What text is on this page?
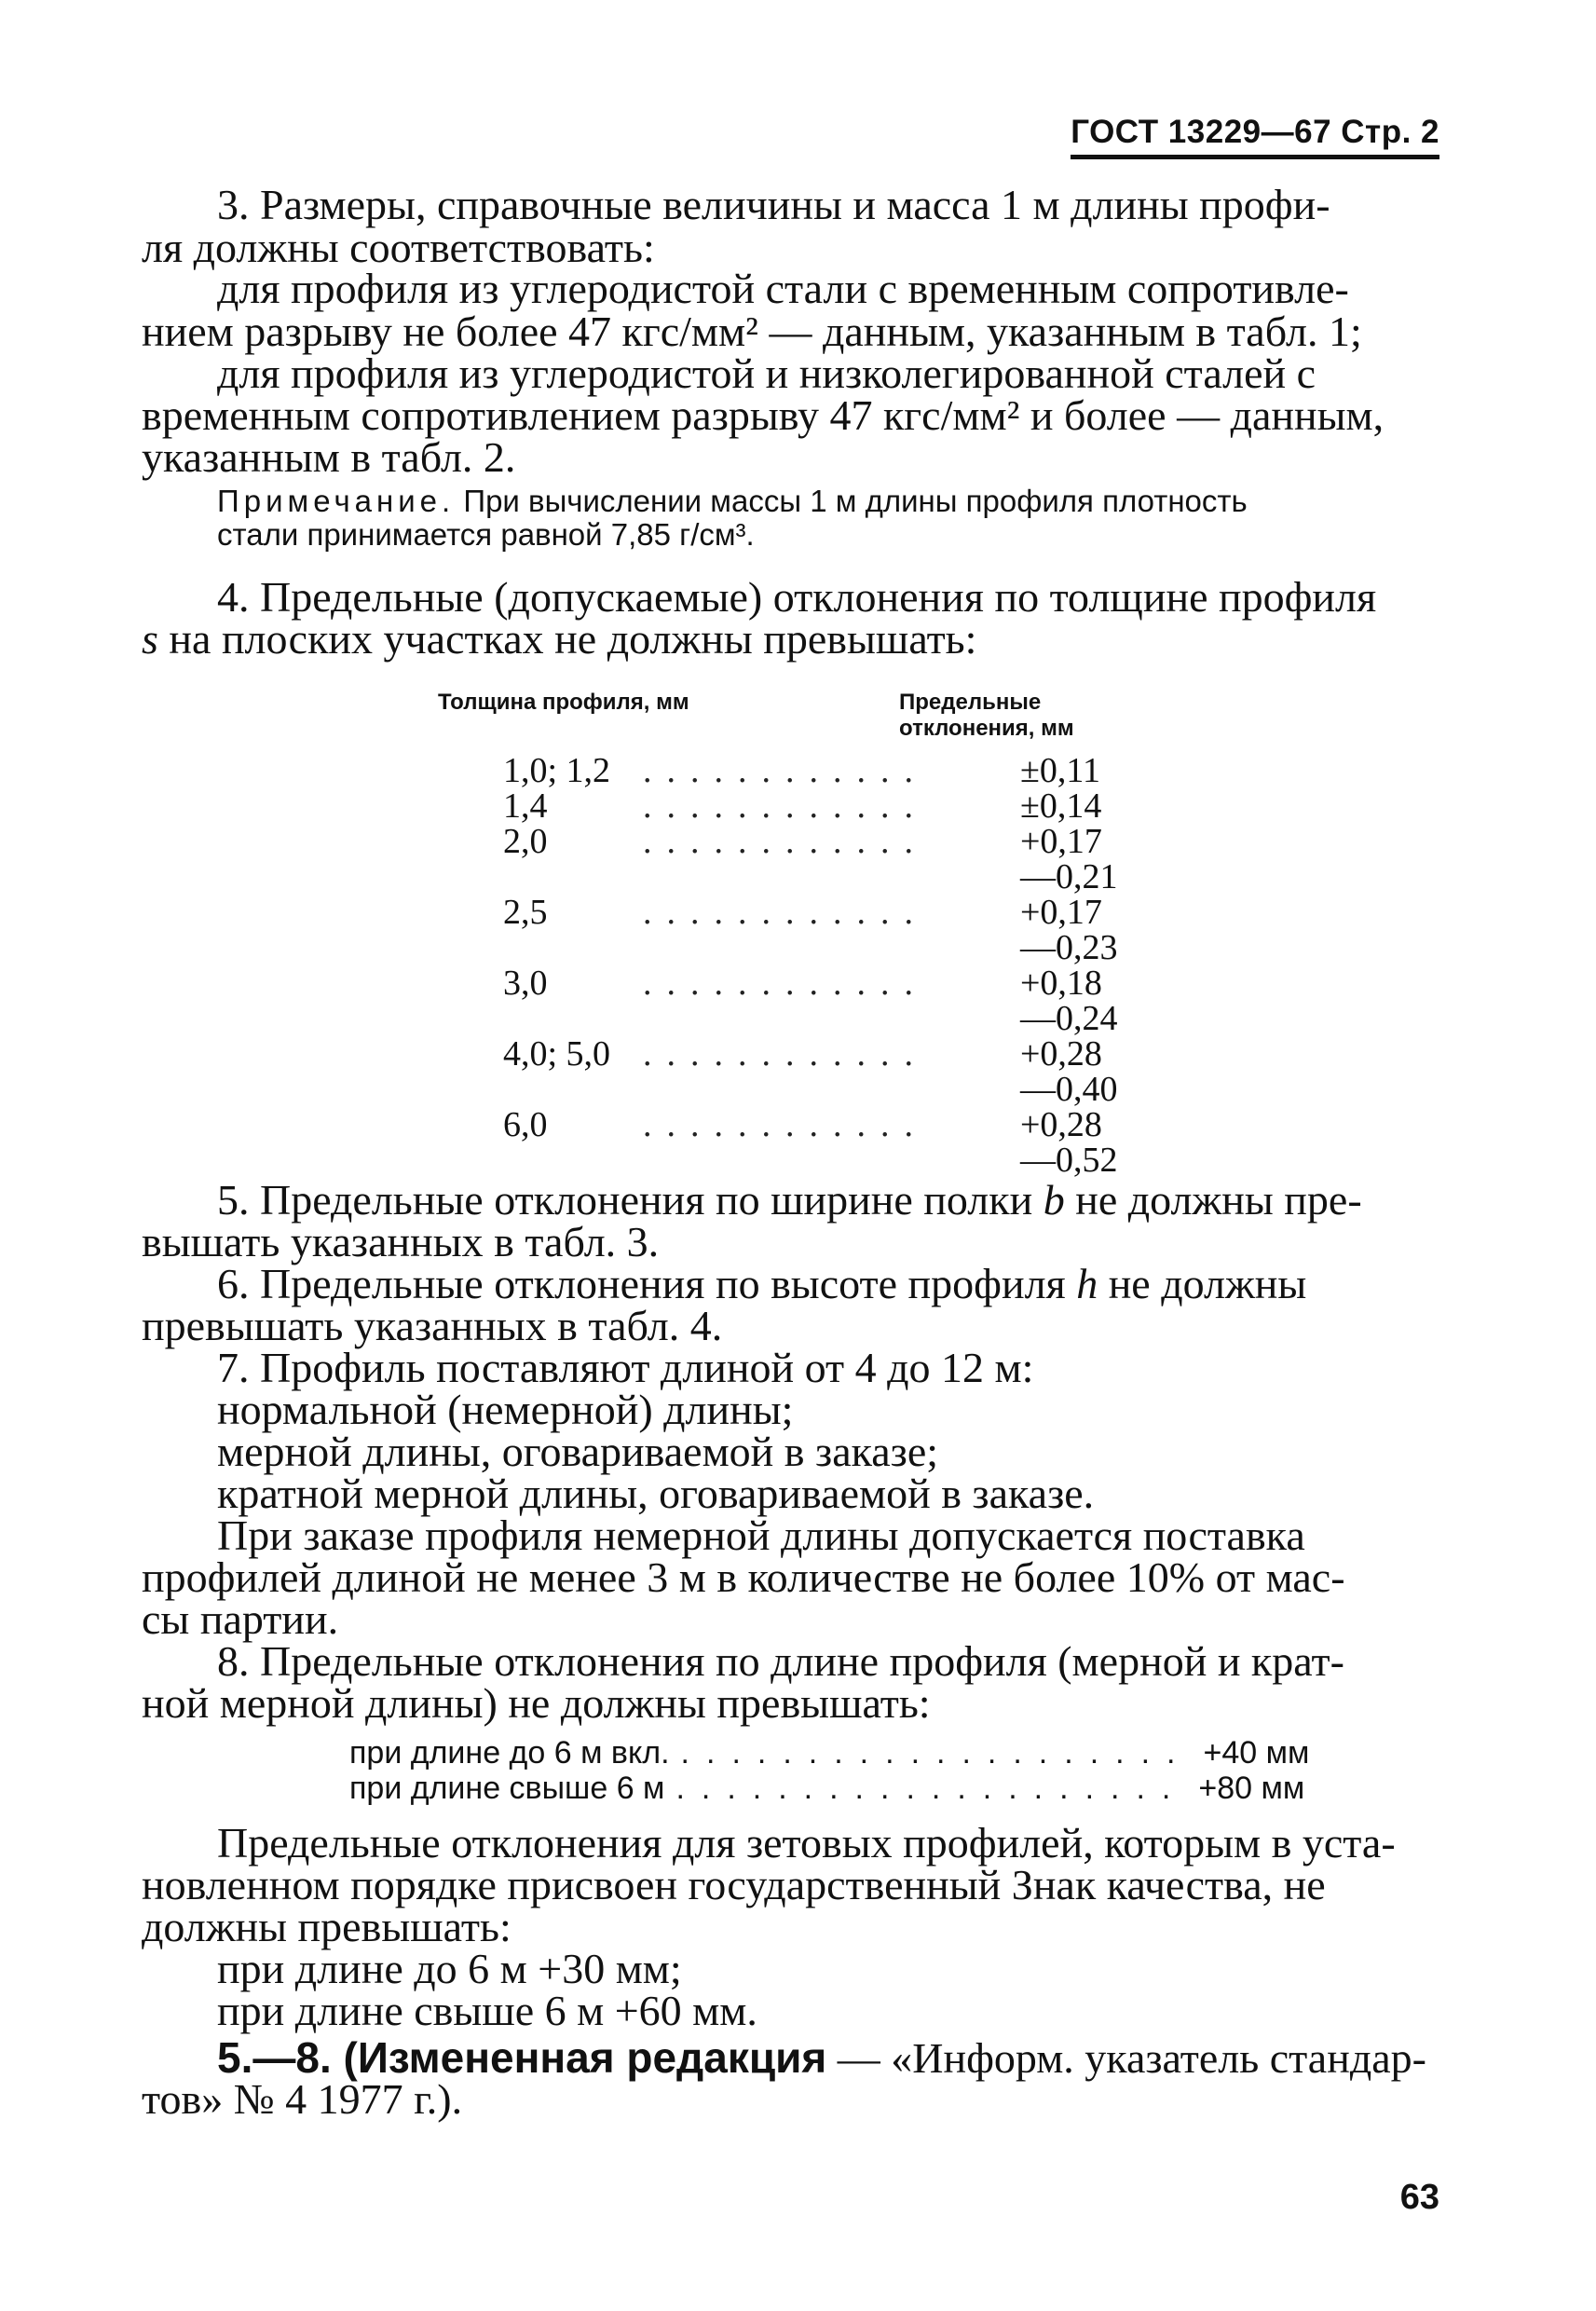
ГОСТ 13229—67 Стр. 2
3. Размеры, справочные величины и масса 1 м длины профи-
ля должны соответствовать:
для профиля из углеродистой стали с временным сопротивле-
нием разрыву не более 47 кгс/мм² — данным, указанным в табл. 1;
для профиля из углеродистой и низколегированной сталей с
временным сопротивлением разрыву 47 кгс/мм² и более — данным,
указанным в табл. 2.
Примечание. При вычислении массы 1 м длины профиля плотность
стали принимается равной 7,85 г/см³.
4. Предельные (допускаемые) отклонения по толщине профиля
s на плоских участках не должны превышать:
Толщина профиля, мм	Предельные
отклонения, мм
1,0; 1,2 ............	±0,11
1,4	............	±0,14
2,0	............	+0,17
—0,21
2,5	............	+0,17
—0,23
3,0	............	+0,18
—0,24
4,0; 5,0 ............	+0,28
—0,40
6,0	............	+0,28
—0,52
5. Предельные отклонения по ширине полки b не должны пре-
вышать указанных в табл. 3.
6. Предельные отклонения по высоте профиля h не должны
превышать указанных в табл. 4.
7. Профиль поставляют длиной от 4 до 12 м:
нормальной (немерной) длины;
мерной длины, оговариваемой в заказе;
кратной мерной длины, оговариваемой в заказе.
При заказе профиля немерной длины допускается поставка
профилей длиной не менее 3 м в количестве не более 10% от мас-
сы партии.
8. Предельные отклонения по длине профиля (мерной и крат-
ной мерной длины) не должны превышать:
при длине до 6 м вкл. .................... +40 мм
при длине свыше 6 м .................... +80 мм
Предельные отклонения для зетовых профилей, которым в уста-
новленном порядке присвоен государственный Знак качества, не
должны превышать:
при длине до 6 м +30 мм;
при длине свыше 6 м +60 мм.
5.—8. (Измененная редакция — «Информ. указатель стандар-
тов» № 4 1977 г.).
63
